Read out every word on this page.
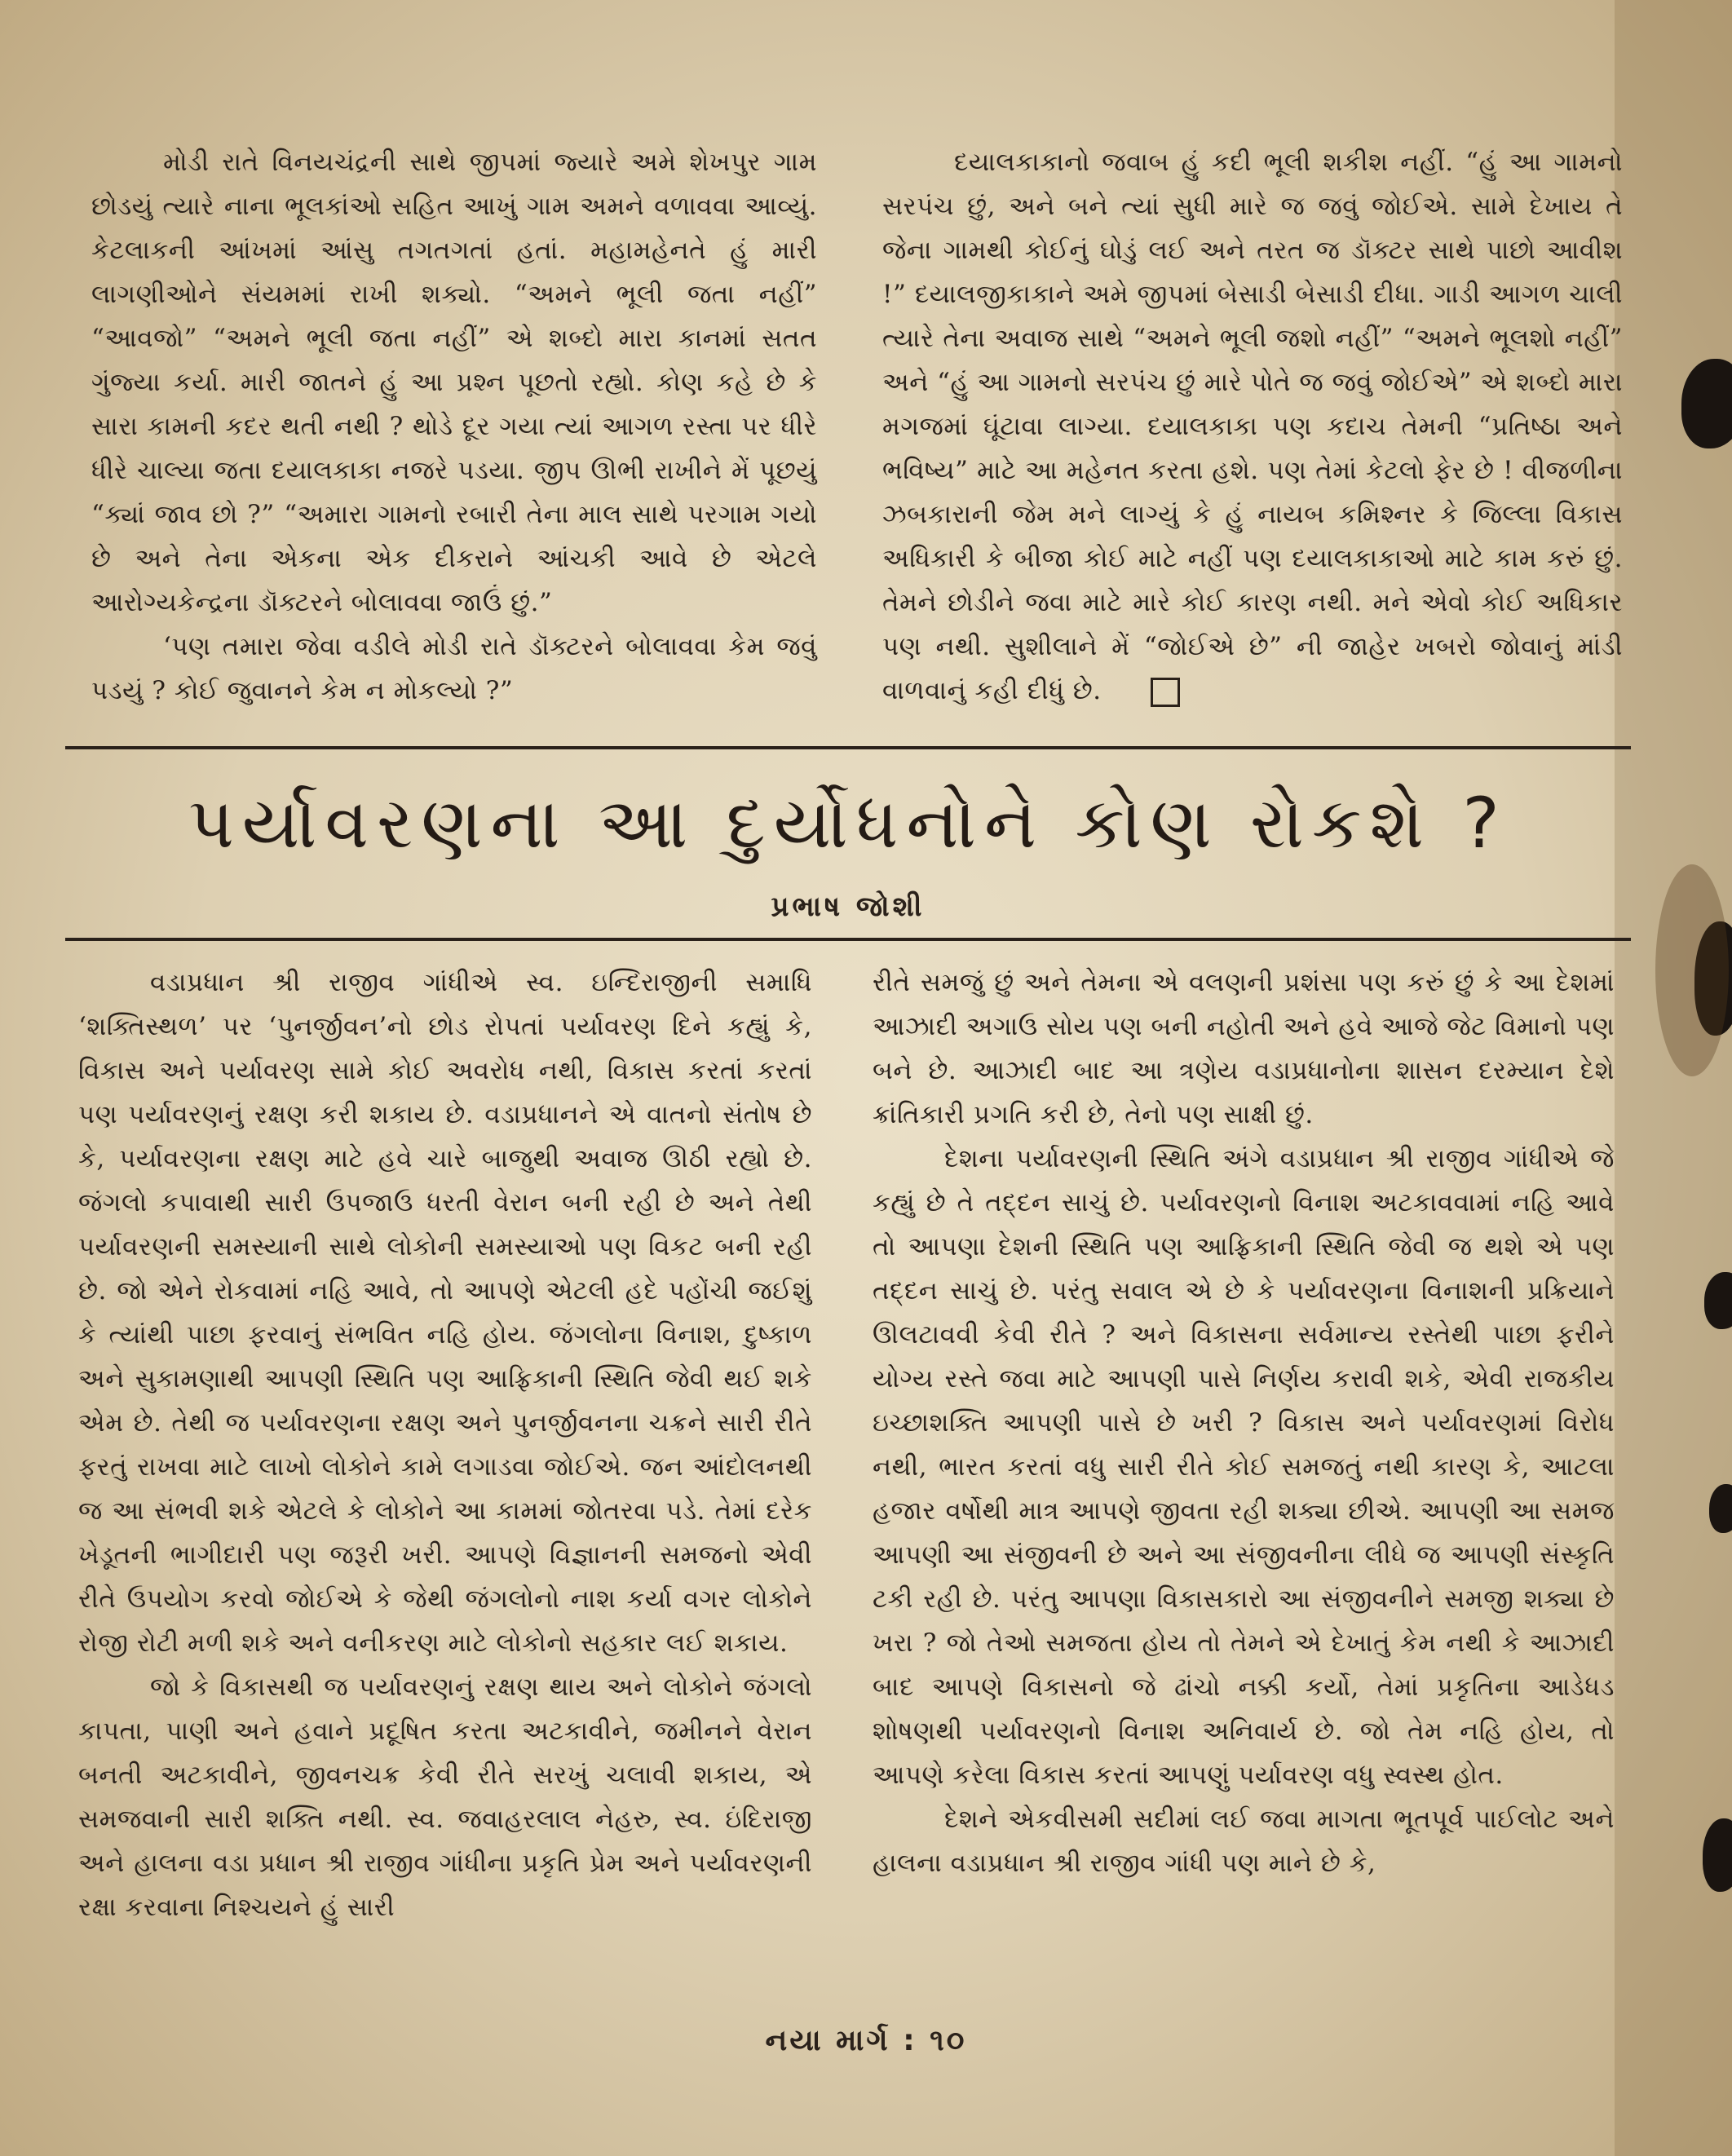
મોડી રાતે વિનયચંદ્રની સાથે જીપમાં જ્યારે અમે શેખપુર ગામ છોડયું ત્યારે નાના ભૂલકાંઓ સહિત આખું ગામ અમને વળાવવા આવ્યું. કેટલાકની આંખમાં આંસુ તગતગતાં હતાં. મહામહેનતે હું મારી લાગણીઓને સંયમમાં રાખી શક્યો. “અમને ભૂલી જતા નહીં” “આવજો” “અમને ભૂલી જતા નહીં” એ શબ્દો મારા કાનમાં સતત ગુંજ્યા કર્યા. મારી જાતને હું આ પ્રશ્ન પૂછતો રહ્યો. કોણ કહે છે કે સારા કામની કદર થતી નથી ? થોડે દૂર ગયા ત્યાં આગળ રસ્તા પર ધીરે ધીરે ચાલ્યા જતા દયાલકાકા નજરે પડયા. જીપ ઊભી રાખીને મેં પૂછયું “ક્યાં જાવ છો ?” “અમારા ગામનો રબારી તેના માલ સાથે પરગામ ગયો છે અને તેના એકના એક દીકરાને આંચકી આવે છે એટલે આરોગ્યકેન્દ્રના ડૉક્ટરને બોલાવવા જાઉં છું.”

‘પણ તમારા જેવા વડીલે મોડી રાતે ડૉક્ટરને બોલાવવા કેમ જવું પડયું ? કોઈ જુવાનને કેમ ન મોકલ્યો ?”

દયાલકાકાનો જવાબ હું કદી ભૂલી શકીશ નહીં. “હું આ ગામનો સરપંચ છું, અને બને ત્યાં સુધી મારે જ જવું જોઈએ. સામે દેખાય તે જેના ગામથી કોઈનું ઘોડું લઈ અને તરત જ ડૉક્ટર સાથે પાછો આવીશ !” દયાલજીકાકાને અમે જીપમાં બેસાડી બેસાડી દીધા. ગાડી આગળ ચાલી ત્યારે તેના અવાજ સાથે “અમને ભૂલી જશો નહીં” “અમને ભૂલશો નહીં” અને “હું આ ગામનો સરપંચ છું મારે પોતે જ જવું જોઈએ” એ શબ્દો મારા મગજમાં ઘૂંટાવા લાગ્યા. દયાલકાકા પણ કદાચ તેમની “પ્રતિષ્ઠા અને ભવિષ્ય” માટે આ મહેનત કરતા હશે. પણ તેમાં કેટલો ફેર છે ! વીજળીના ઝબકારાની જેમ મને લાગ્યું કે હું નાયબ કમિશ્નર કે જિલ્લા વિકાસ અધિકારી કે બીજા કોઈ માટે નહીં પણ દયાલકાકાઓ માટે કામ કરું છું. તેમને છોડીને જવા માટે મારે કોઈ કારણ નથી. મને એવો કોઈ અધિકાર પણ નથી. સુશીલાને મેં “જોઈએ છે” ની જાહેર ખબરો જોવાનું માંડી વાળવાનું કહી દીધું છે.

પર્યાવરણના આ દુર્યોધનોને કોણ રોકશે ?
પ્રભાષ જોશી

વડાપ્રધાન શ્રી રાજીવ ગાંધીએ સ્વ. ઇન્દિરાજીની સમાધિ ‘શક્તિસ્થળ’ પર ‘પુનર્જીવન’નો છોડ રોપતાં પર્યાવરણ દિને કહ્યું કે, વિકાસ અને પર્યાવરણ સામે કોઈ અવરોધ નથી, વિકાસ કરતાં કરતાં પણ પર્યાવરણનું રક્ષણ કરી શકાય છે. વડાપ્રધાનને એ વાતનો સંતોષ છે કે, પર્યાવરણના રક્ષણ માટે હવે ચારે બાજુથી અવાજ ઊઠી રહ્યો છે. જંગલો કપાવાથી સારી ઉપજાઉ ધરતી વેરાન બની રહી છે અને તેથી પર્યાવરણની સમસ્યાની સાથે લોકોની સમસ્યાઓ પણ વિકટ બની રહી છે. જો એને રોકવામાં નહિ આવે, તો આપણે એટલી હદે પહોંચી જઈશું કે ત્યાંથી પાછા ફરવાનું સંભવિત નહિ હોય. જંગલોના વિનાશ, દુષ્કાળ અને સુકામણાથી આપણી સ્થિતિ પણ આફ્રિકાની સ્થિતિ જેવી થઈ શકે એમ છે. તેથી જ પર્યાવરણના રક્ષણ અને પુનર્જીવનના ચક્રને સારી રીતે ફરતું રાખવા માટે લાખો લોકોને કામે લગાડવા જોઈએ. જન આંદોલનથી જ આ સંભવી શકે એટલે કે લોકોને આ કામમાં જોતરવા પડે. તેમાં દરેક ખેડૂતની ભાગીદારી પણ જરૂરી ખરી. આપણે વિજ્ઞાનની સમજનો એવી રીતે ઉપયોગ કરવો જોઈએ કે જેથી જંગલોનો નાશ કર્યા વગર લોકોને રોજી રોટી મળી શકે અને વનીકરણ માટે લોકોનો સહકાર લઈ શકાય.

જો કે વિકાસથી જ પર્યાવરણનું રક્ષણ થાય અને લોકોને જંગલો કાપતા, પાણી અને હવાને પ્રદૂષિત કરતા અટકાવીને, જમીનને વેરાન બનતી અટકાવીને, જીવનચક્ર કેવી રીતે સરખું ચલાવી શકાય, એ સમજવાની સારી શક્તિ નથી. સ્વ. જવાહરલાલ નેહરુ, સ્વ. ઇંદિરાજી અને હાલના વડા પ્રધાન શ્રી રાજીવ ગાંધીના પ્રકૃતિ પ્રેમ અને પર્યાવરણની રક્ષા કરવાના નિશ્ચયને હું સારી

રીતે સમજું છું અને તેમના એ વલણની પ્રશંસા પણ કરું છું કે આ દેશમાં આઝાદી અગાઉ સોય પણ બની નહોતી અને હવે આજે જેટ વિમાનો પણ બને છે. આઝાદી બાદ આ ત્રણેય વડાપ્રધાનોના શાસન દરમ્યાન દેશે ક્રાંતિકારી પ્રગતિ કરી છે, તેનો પણ સાક્ષી છું.

દેશના પર્યાવરણની સ્થિતિ અંગે વડાપ્રધાન શ્રી રાજીવ ગાંધીએ જે કહ્યું છે તે તદ્દન સાચું છે. પર્યાવરણનો વિનાશ અટકાવવામાં નહિ આવે તો આપણા દેશની સ્થિતિ પણ આફ્રિકાની સ્થિતિ જેવી જ થશે એ પણ તદ્દન સાચું છે. પરંતુ સવાલ એ છે કે પર્યાવરણના વિનાશની પ્રક્રિયાને ઊલટાવવી કેવી રીતે ? અને વિકાસના સર્વમાન્ય રસ્તેથી પાછા ફરીને યોગ્ય રસ્તે જવા માટે આપણી પાસે નિર્ણય કરાવી શકે, એવી રાજકીય ઇચ્છાશક્તિ આપણી પાસે છે ખરી ? વિકાસ અને પર્યાવરણમાં વિરોધ નથી, ભારત કરતાં વધુ સારી રીતે કોઈ સમજતું નથી કારણ કે, આટલા હજાર વર્ષોથી માત્ર આપણે જીવતા રહી શક્યા છીએ. આપણી આ સમજ આપણી આ સંજીવની છે અને આ સંજીવનીના લીધે જ આપણી સંસ્કૃતિ ટકી રહી છે. પરંતુ આપણા વિકાસકારો આ સંજીવનીને સમજી શક્યા છે ખરા ? જો તેઓ સમજતા હોય તો તેમને એ દેખાતું કેમ નથી કે આઝાદી બાદ આપણે વિકાસનો જે ઢાંચો નક્કી કર્યો, તેમાં પ્રકૃતિના આડેધડ શોષણથી પર્યાવરણનો વિનાશ અનિવાર્ય છે. જો તેમ નહિ હોય, તો આપણે કરેલા વિકાસ કરતાં આપણું પર્યાવરણ વધુ સ્વસ્થ હોત.

દેશને એકવીસમી સદીમાં લઈ જવા માગતા ભૂતપૂર્વ પાઈલોટ અને હાલના વડાપ્રધાન શ્રી રાજીવ ગાંધી પણ માને છે કે,

નયા માર્ગ : ૧૦
